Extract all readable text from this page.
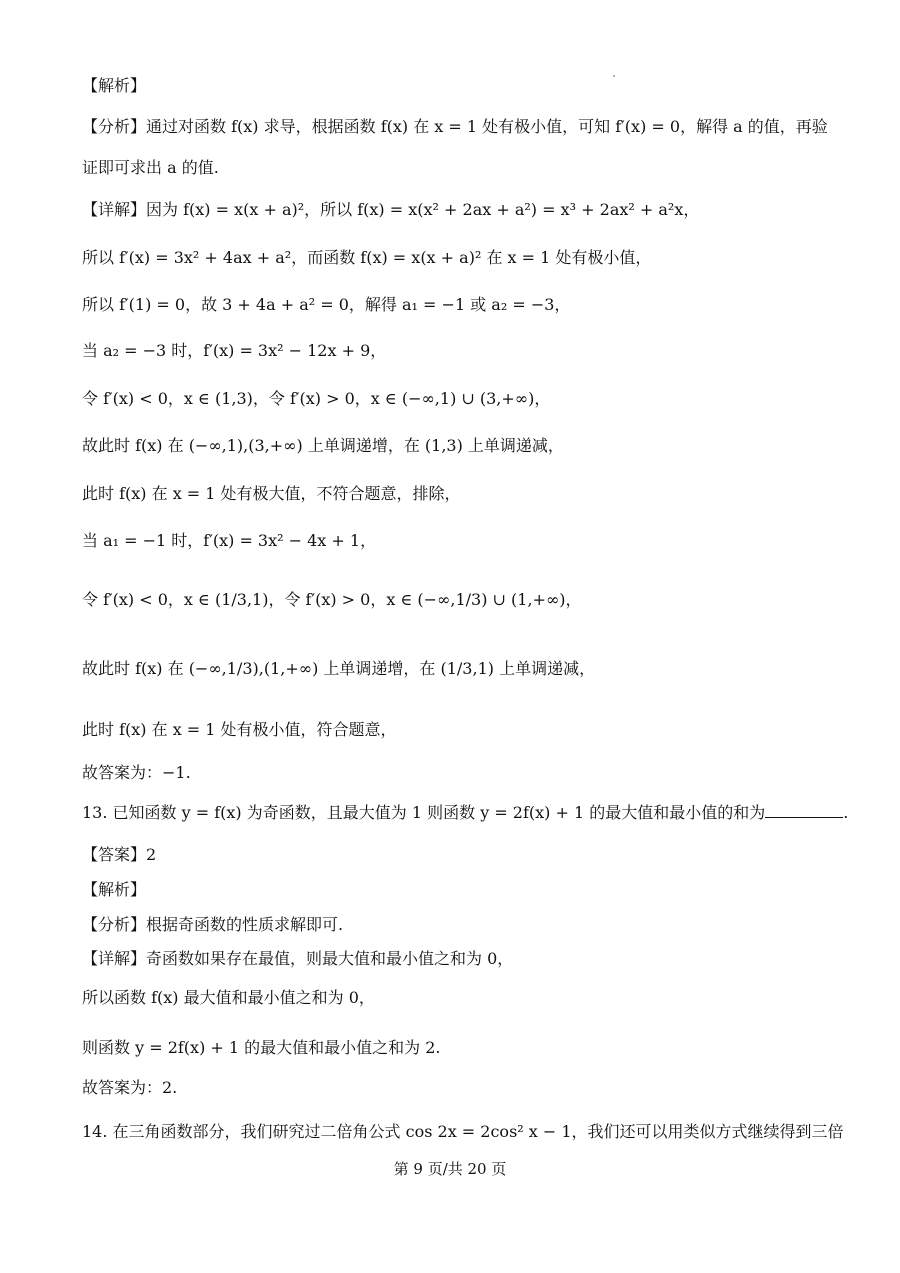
【解析】
【分析】通过对函数 f(x) 求导，根据函数 f(x) 在 x = 1 处有极小值，可知 f′(x) = 0，解得 a 的值，再验
证即可求出 a 的值.
【详解】因为 f(x) = x(x + a)²，所以 f(x) = x(x² + 2ax + a²) = x³ + 2ax² + a²x，
所以 f′(x) = 3x² + 4ax + a²，而函数 f(x) = x(x + a)² 在 x = 1 处有极小值，
所以 f′(1) = 0，故 3 + 4a + a² = 0，解得 a₁ = −1 或 a₂ = −3，
当 a₂ = −3 时，f′(x) = 3x² − 12x + 9，
令 f′(x) < 0，x ∈ (1,3)，令 f′(x) > 0，x ∈ (−∞,1) ∪ (3,+∞)，
故此时 f(x) 在 (−∞,1),(3,+∞) 上单调递增，在 (1,3) 上单调递减，
此时 f(x) 在 x = 1 处有极大值，不符合题意，排除，
当 a₁ = −1 时，f′(x) = 3x² − 4x + 1，
令 f′(x) < 0，x ∈ (1/3,1)，令 f′(x) > 0，x ∈ (−∞,1/3) ∪ (1,+∞)，
故此时 f(x) 在 (−∞,1/3),(1,+∞) 上单调递增，在 (1/3,1) 上单调递减，
此时 f(x) 在 x = 1 处有极小值，符合题意，
故答案为：−1.
13. 已知函数 y = f(x) 为奇函数，且最大值为 1 则函数 y = 2f(x) + 1 的最大值和最小值的和为	.
【答案】2
【解析】
【分析】根据奇函数的性质求解即可.
【详解】奇函数如果存在最值，则最大值和最小值之和为 0，
所以函数 f(x) 最大值和最小值之和为 0，
则函数 y = 2f(x) + 1 的最大值和最小值之和为 2.
故答案为：2.
14. 在三角函数部分，我们研究过二倍角公式 cos 2x = 2cos² x − 1，我们还可以用类似方式继续得到三倍
第 9 页/共 20 页
